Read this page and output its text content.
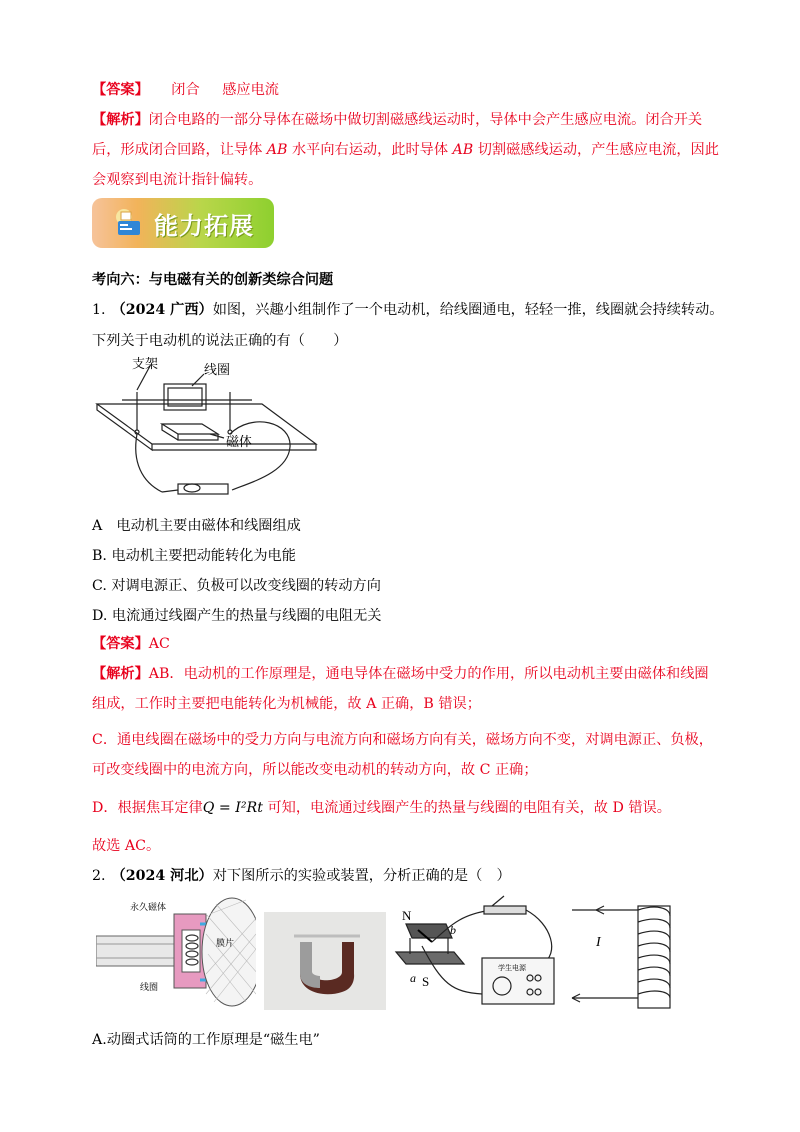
【答案】 闭合 感应电流
【解析】闭合电路的一部分导体在磁场中做切割磁感线运动时，导体中会产生感应电流。闭合开关
后，形成闭合回路，让导体 AB 水平向右运动，此时导体 AB 切割磁感线运动，产生感应电流，因此
会观察到电流计指针偏转。
能力拓展
考向六：与电磁有关的创新类综合问题
1. （2024 广西）如图，兴趣小组制作了一个电动机，给线圈通电，轻轻一推，线圈就会持续转动。
下列关于电动机的说法正确的有（　　）
支架	线圈
磁体
A　电动机主要由磁体和线圈组成
B. 电动机主要把动能转化为电能
C. 对调电源正、负极可以改变线圈的转动方向
D. 电流通过线圈产生的热量与线圈的电阻无关
【答案】AC
【解析】AB．电动机的工作原理是，通电导体在磁场中受力的作用，所以电动机主要由磁体和线圈
组成，工作时主要把电能转化为机械能，故 A 正确，B 错误；
C．通电线圈在磁场中的受力方向与电流方向和磁场方向有关，磁场方向不变，对调电源正、负极，
可改变线圈中的电流方向，所以能改变电动机的转动方向，故 C 正确；
D．根据焦耳定律Q = I²Rt 可知，电流通过线圈产生的热量与线圈的电阻有关，故 D 错误。
故选 AC。
2. （2024 河北）对下图所示的实验或装置，分析正确的是（　）
永久磁体
膜片
线圈
N
b
a S
学生电源
I
A.动圈式话筒的工作原理是“磁生电”
